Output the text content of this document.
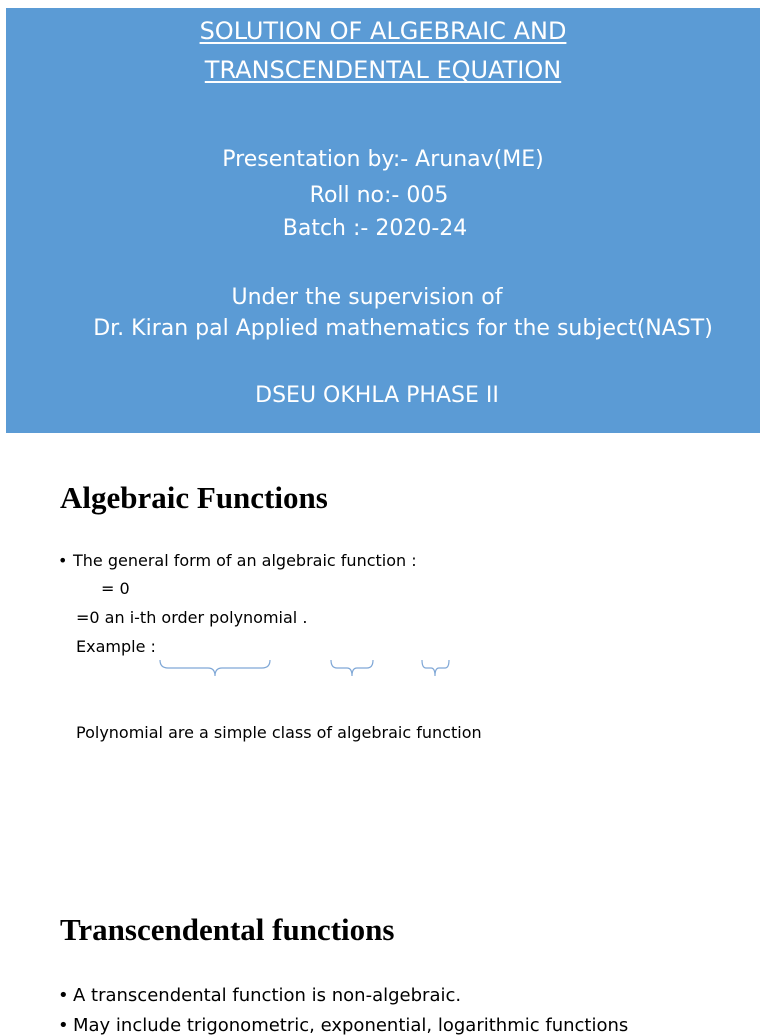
SOLUTION OF ALGEBRAIC AND
TRANSCENDENTAL EQUATION
Presentation by:- Arunav(ME)
Roll no:- 005
Batch :- 2020-24
Under the supervision of
Dr. Kiran pal Applied mathematics for the subject(NAST)
DSEU OKHLA PHASE II
Algebraic Functions
• The general form of an algebraic function :
= 0
=0 an i-th order polynomial .
Example :
Polynomial are a simple class of algebraic function
Transcendental functions
• A transcendental function is non-algebraic.
• May include trigonometric, exponential, logarithmic functions
